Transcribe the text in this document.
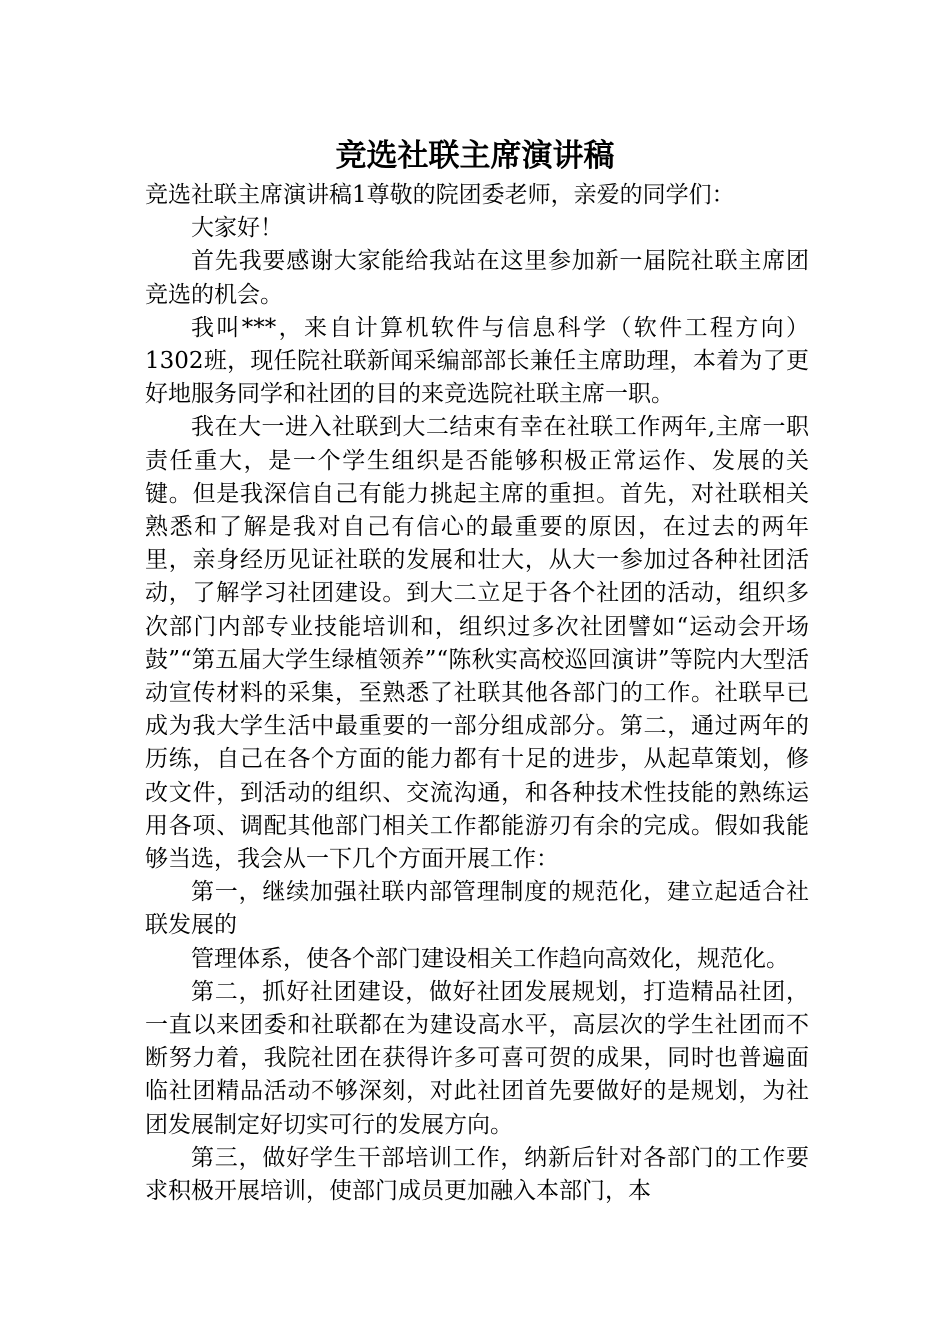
竞选社联主席演讲稿

竞选社联主席演讲稿1尊敬的院团委老师，亲爱的同学们：

大家好！

首先我要感谢大家能给我站在这里参加新一届院社联主席团竞选的机会。

我叫***，来自计算机软件与信息科学（软件工程方向）1302班，现任院社联新闻采编部部长兼任主席助理，本着为了更好地服务同学和社团的目的来竞选院社联主席一职。

我在大一进入社联到大二结束有幸在社联工作两年,主席一职责任重大，是一个学生组织是否能够积极正常运作、发展的关键。但是我深信自己有能力挑起主席的重担。首先，对社联相关熟悉和了解是我对自己有信心的最重要的原因，在过去的两年里，亲身经历见证社联的发展和壮大，从大一参加过各种社团活动，了解学习社团建设。到大二立足于各个社团的活动，组织多次部门内部专业技能培训和，组织过多次社团譬如“运动会开场鼓”“第五届大学生绿植领养”“陈秋实高校巡回演讲”等院内大型活动宣传材料的采集，至熟悉了社联其他各部门的工作。社联早已成为我大学生活中最重要的一部分组成部分。第二，通过两年的历练，自己在各个方面的能力都有十足的进步，从起草策划，修改文件，到活动的组织、交流沟通，和各种技术性技能的熟练运用各项、调配其他部门相关工作都能游刃有余的完成。假如我能够当选，我会从一下几个方面开展工作：

第一，继续加强社联内部管理制度的规范化，建立起适合社联发展的

管理体系，使各个部门建设相关工作趋向高效化，规范化。

第二，抓好社团建设，做好社团发展规划，打造精品社团，一直以来团委和社联都在为建设高水平，高层次的学生社团而不断努力着，我院社团在获得许多可喜可贺的成果，同时也普遍面临社团精品活动不够深刻，对此社团首先要做好的是规划，为社团发展制定好切实可行的发展方向。

第三，做好学生干部培训工作，纳新后针对各部门的工作要求积极开展培训，使部门成员更加融入本部门，本
